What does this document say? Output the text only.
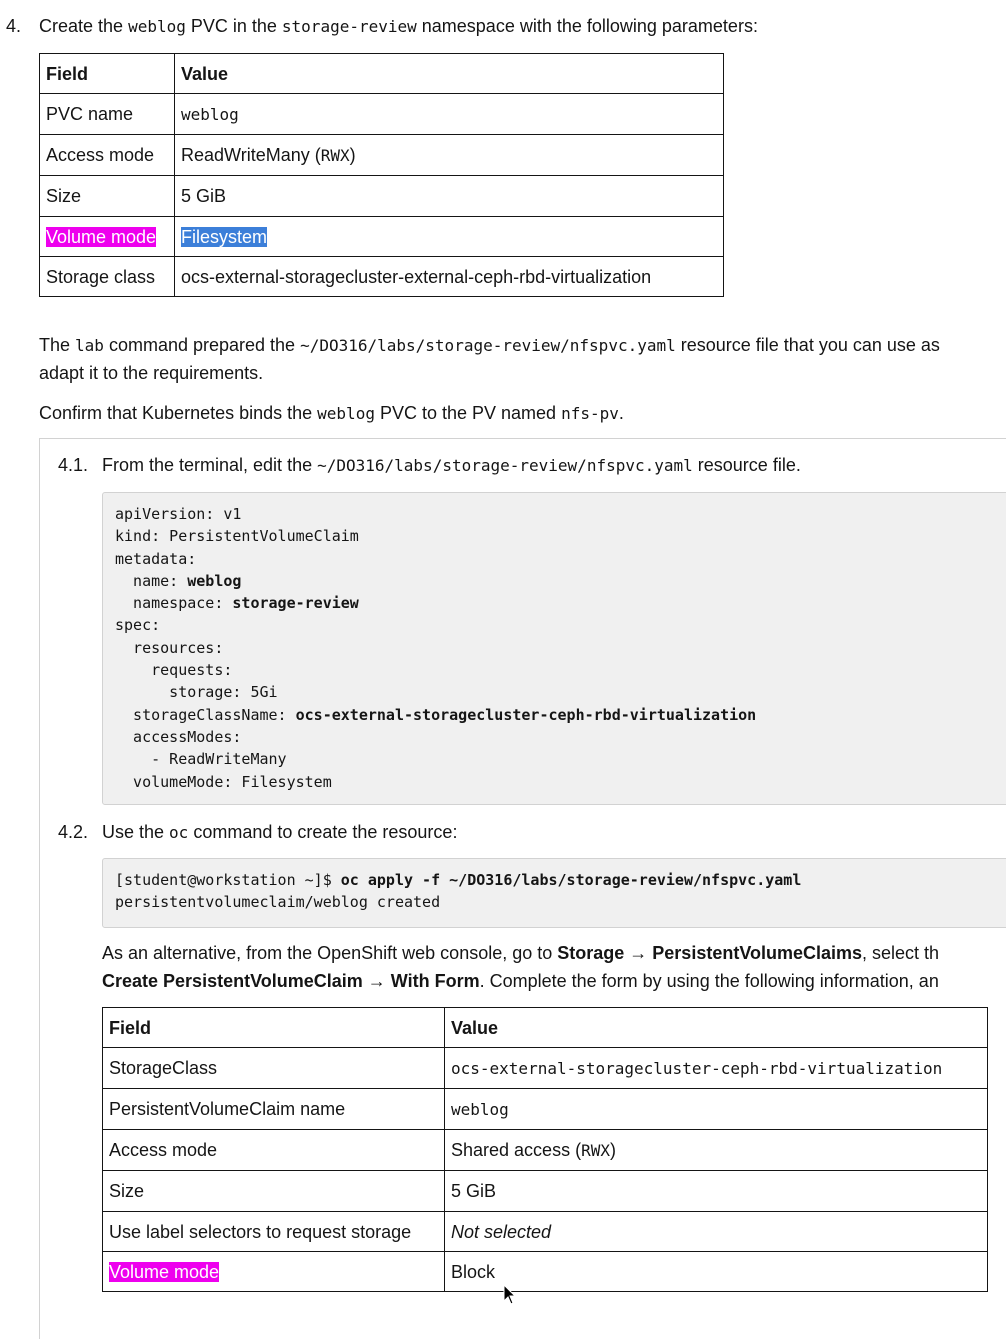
4. Create the weblog PVC in the storage-review namespace with the following parameters:
Field	Value
PVC name	weblog
Access mode	ReadWriteMany (RWX)
Size	5 GiB
Volume mode	Filesystem
Storage class	ocs-external-storagecluster-external-ceph-rbd-virtualization
The lab command prepared the ~/DO316/labs/storage-review/nfspvc.yaml resource file that you can use as
adapt it to the requirements.
Confirm that Kubernetes binds the weblog PVC to the PV named nfs-pv.
4.1. From the terminal, edit the ~/DO316/labs/storage-review/nfspvc.yaml resource file.
apiVersion: v1
kind: PersistentVolumeClaim
metadata:
name: weblog
namespace: storage-review
spec:
resources:
requests:
storage: 5Gi
storageClassName: ocs-external-storagecluster-ceph-rbd-virtualization
accessModes:
- ReadWriteMany
volumeMode: Filesystem
4.2. Use the oc command to create the resource:
[student@workstation ~]$ oc apply -f ~/DO316/labs/storage-review/nfspvc.yaml
persistentvolumeclaim/weblog created
As an alternative, from the OpenShift web console, go to Storage → PersistentVolumeClaims, select th
Create PersistentVolumeClaim → With Form. Complete the form by using the following information, an
Field	Value
StorageClass	ocs-external-storagecluster-ceph-rbd-virtualization
PersistentVolumeClaim name	weblog
Access mode	Shared access (RWX)
Size	5 GiB
Use label selectors to request storage	Not selected
Volume mode	Block
